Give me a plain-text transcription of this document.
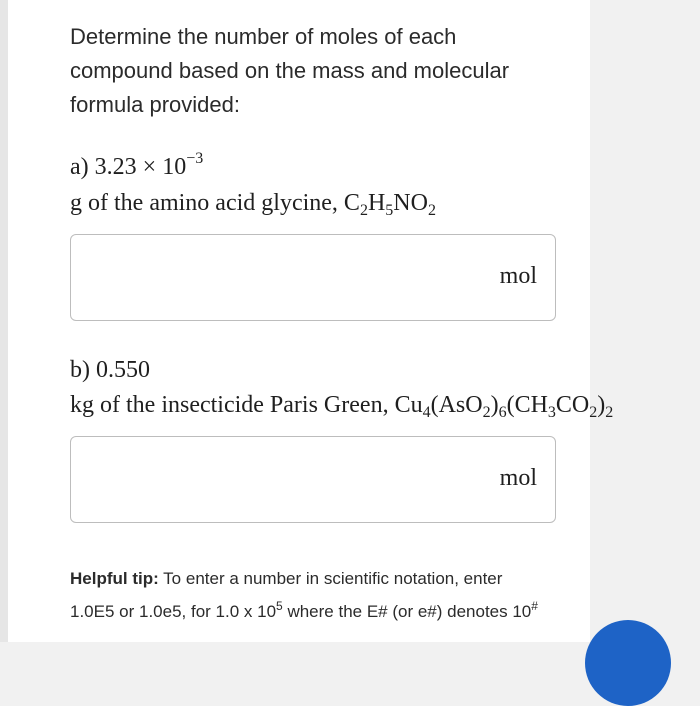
Determine the number of moles of each compound based on the mass and molecular formula provided:
a) $3.23 \times 10^{-3}$
g of the amino acid glycine, $C_2H_5NO_2$
mol
b) 0.550
kg of the insecticide Paris Green, $Cu_4(AsO_2)_6(CH_3CO_2)_2$
mol
Helpful tip: To enter a number in scientific notation, enter
1.0E5 or 1.0e5, for 1.0 x $10^5$ where the E# (or e#) denotes 10#
